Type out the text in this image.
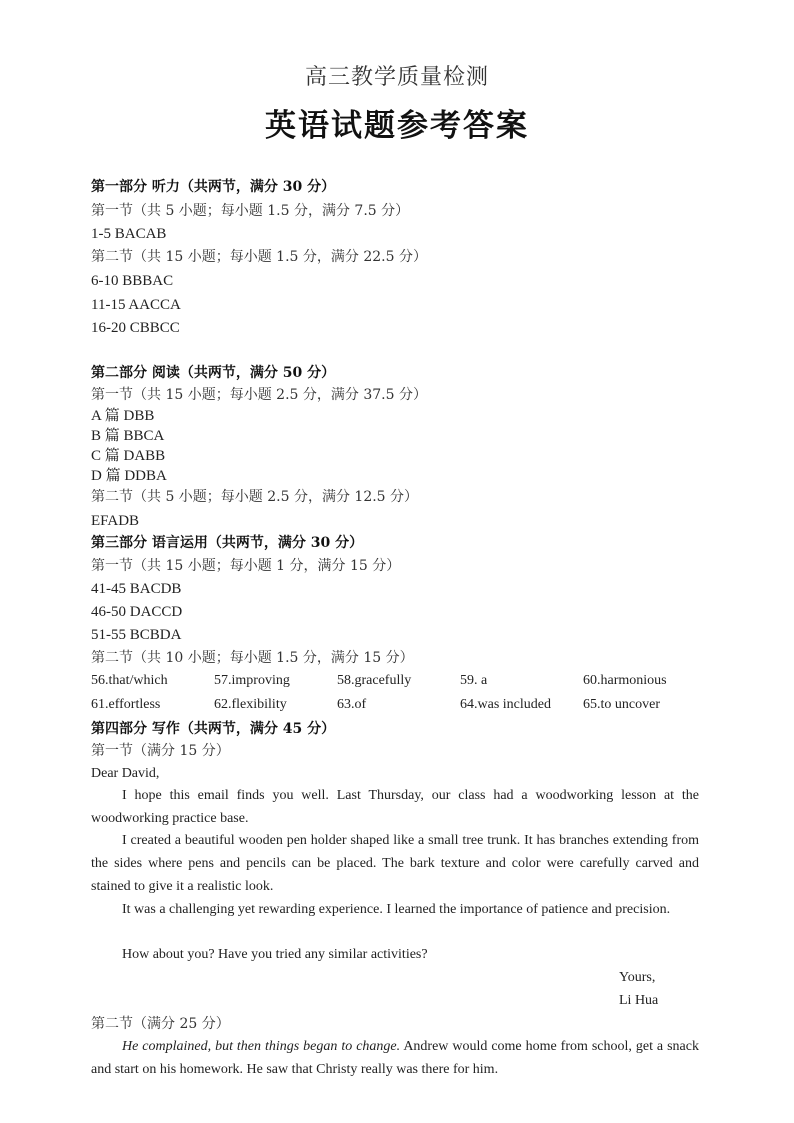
高三教学质量检测
英语试题参考答案
第一部分 听力（共两节，满分 30 分）
第一节（共 5 小题；每小题 1.5 分，满分 7.5 分）
1-5 BACAB
第二节（共 15 小题；每小题 1.5 分，满分 22.5 分）
6-10 BBBAC
11-15 AACCA
16-20 CBBCC
第二部分 阅读（共两节，满分 50 分）
第一节（共 15 小题；每小题 2.5 分，满分 37.5 分）
A 篇 DBB
B 篇 BBCA
C 篇 DABB
D 篇 DDBA
第二节（共 5 小题；每小题 2.5 分，满分 12.5 分）
EFADB
第三部分 语言运用（共两节，满分 30 分）
第一节（共 15 小题；每小题 1 分，满分 15 分）
41-45 BACDB
46-50 DACCD
51-55 BCBDA
第二节（共 10 小题；每小题 1.5 分，满分 15 分）
56.that/which	57.improving	58.gracefully	59. a	60.harmonious
61.effortless	62.flexibility	63.of	64.was included 65.to uncover
第四部分 写作（共两节，满分 45 分）
第一节（满分 15 分）
Dear David,
I hope this email finds you well. Last Thursday, our class had a woodworking lesson at the woodworking practice base.
I created a beautiful wooden pen holder shaped like a small tree trunk. It has branches extending from the sides where pens and pencils can be placed. The bark texture and color were carefully carved and stained to give it a realistic look.
It was a challenging yet rewarding experience. I learned the importance of patience and precision.
How about you? Have you tried any similar activities?
Yours,
Li Hua
第二节（满分 25 分）
He complained, but then things began to change. Andrew would come home from school, get a snack and start on his homework. He saw that Christy really was there for him.
